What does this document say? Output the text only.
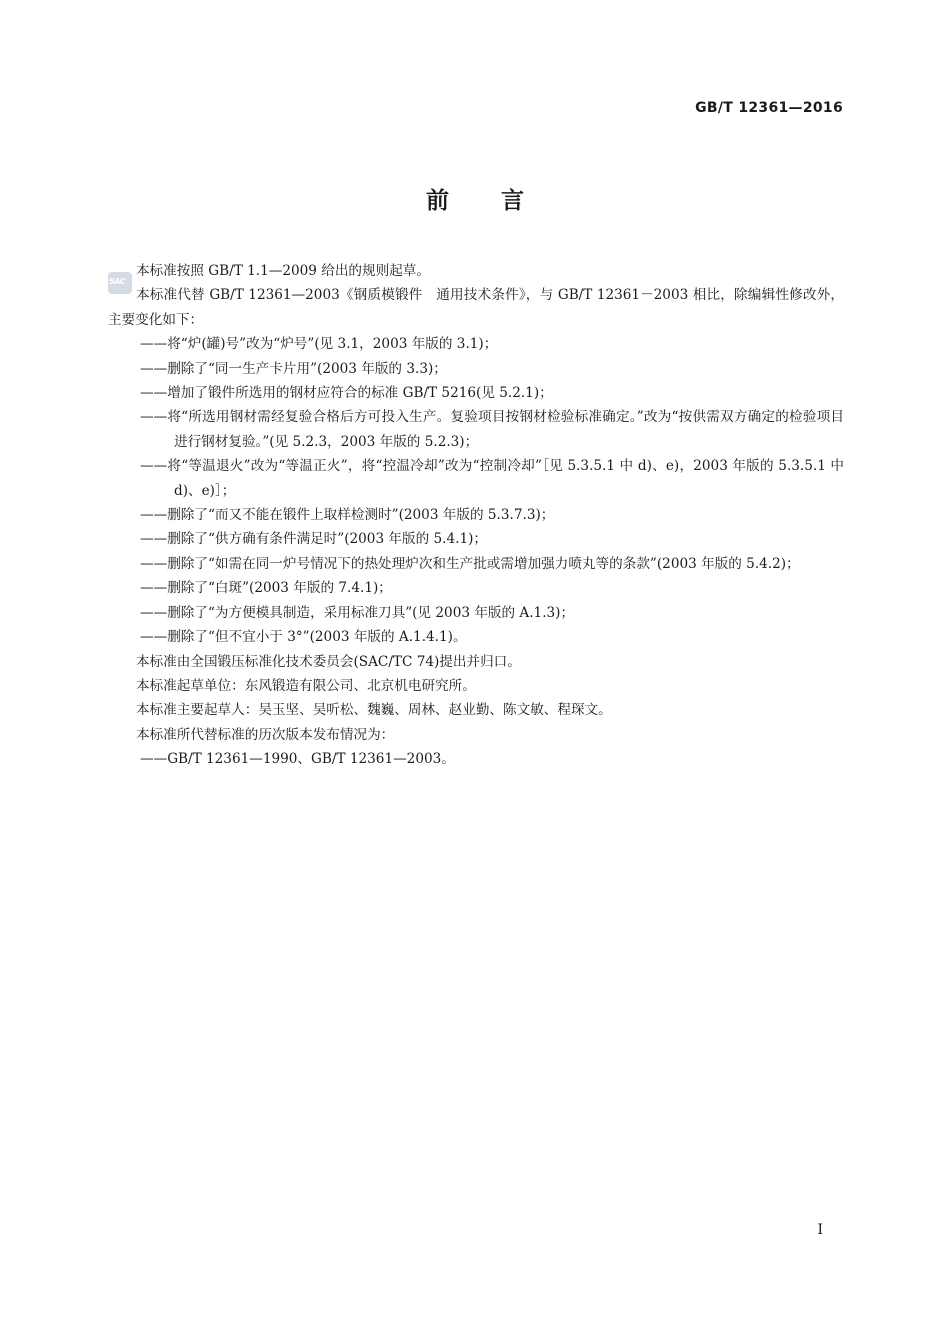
GB/T 12361—2016
前言
SAC

本标准按照 GB/T 1.1—2009 给出的规则起草。

本标准代替 GB/T 12361—2003《钢质模锻件　通用技术条件》，与 GB/T 12361－2003 相比，除编辑性修改外，主要变化如下：

——将“炉(罐)号”改为“炉号”(见 3.1，2003 年版的 3.1)；

——删除了“同一生产卡片用”(2003 年版的 3.3)；

——增加了锻件所选用的钢材应符合的标准 GB/T 5216(见 5.2.1)；

——将“所选用钢材需经复验合格后方可投入生产。复验项目按钢材检验标准确定。”改为“按供需双方确定的检验项目进行钢材复验。”(见 5.2.3，2003 年版的 5.2.3)；

——将“等温退火”改为“等温正火”，将“控温冷却”改为“控制冷却”［见 5.3.5.1 中 d)、e)，2003 年版的 5.3.5.1 中 d)、e)］；

——删除了“而又不能在锻件上取样检测时”(2003 年版的 5.3.7.3)；

——删除了“供方确有条件满足时”(2003 年版的 5.4.1)；

——删除了“如需在同一炉号情况下的热处理炉次和生产批或需增加强力喷丸等的条款”(2003 年版的 5.4.2)；

——删除了“白斑”(2003 年版的 7.4.1)；

——删除了“为方便模具制造，采用标准刀具”(见 2003 年版的 A.1.3)；

——删除了“但不宜小于 3°”(2003 年版的 A.1.4.1)。

本标准由全国锻压标准化技术委员会(SAC/TC 74)提出并归口。

本标准起草单位：东风锻造有限公司、北京机电研究所。

本标准主要起草人：吴玉坚、吴听松、魏巍、周林、赵业勤、陈文敏、程琛文。

本标准所代替标准的历次版本发布情况为：

——GB/T 12361—1990、GB/T 12361—2003。

I
